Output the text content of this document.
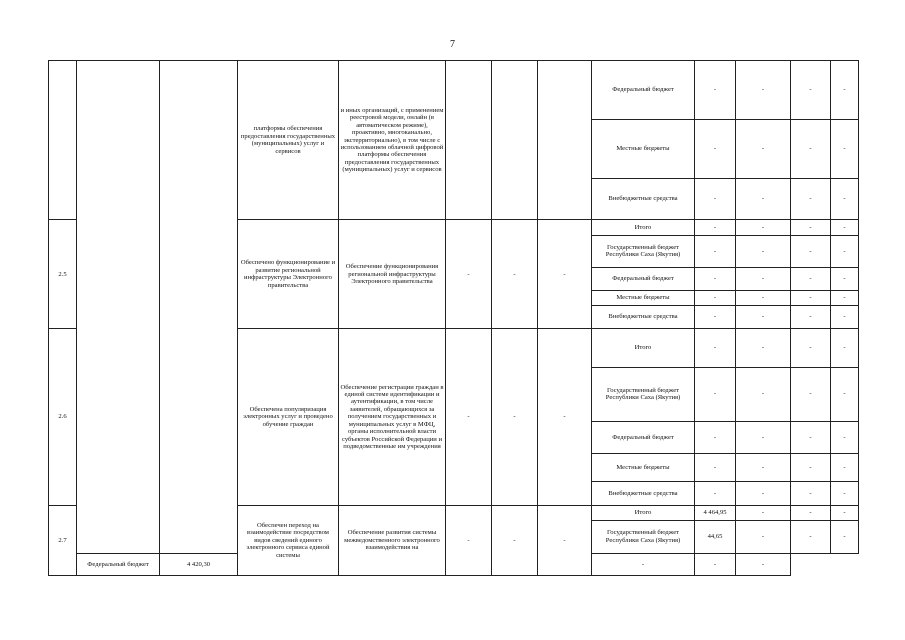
7
			платформы обеспечения предоставления государственных (муниципальных) услуг и сервисов	и иных организаций, с применением реестровой модели, онлайн (в автоматическом режиме), проактивно, многоканально, экстерриториально), в том числе с использованием облачной цифровой платформы обеспечения предоставления государственных (муниципальных) услуг и сервисов				Федеральный бюджет	-	-	-	-
								Местные бюджеты	-	-	-	-
								Внебюджетные средства	-	-	-	-
2.5			Обеспечено функционирование и развитие региональной инфраструктуры Электронного правительства	Обеспечение функционирования региональной инфраструктуры Электронного правительства	-	-	-	Итого	-	-	-	-
								Государственный бюджет Республики Саха (Якутия)	-	-	-	-
								Федеральный бюджет	-	-	-	-
								Местные бюджеты	-	-	-	-
								Внебюджетные средства	-	-	-	-
2.6			Обеспечена популяризация электронных услуг и проведено обучение граждан	Обеспечение регистрации граждан в единой системе идентификации и аутентификации, в том числе заявителей, обращающихся за получением государственных и муниципальных услуг в МФЦ, органы исполнительной власти субъектов Российской Федерации и подведомственные им учреждения	-	-	-	Итого	-	-	-	-
								Государственный бюджет Республики Саха (Якутия)	-	-	-	-
								Федеральный бюджет	-	-	-	-
								Местные бюджеты	-	-	-	-
								Внебюджетные средства	-	-	-	-
2.7			Обеспечен переход на взаимодействие посредством видов сведений единого электронного сервиса единой системы	Обеспечение развития системы межведомственного электронного взаимодействия на	-	-	-	Итого	4 464,95	-	-	-
								Государственный бюджет Республики Саха (Якутия)	44,65	-	-	-
	Федеральный бюджет	4 420,30						-	-	-		
